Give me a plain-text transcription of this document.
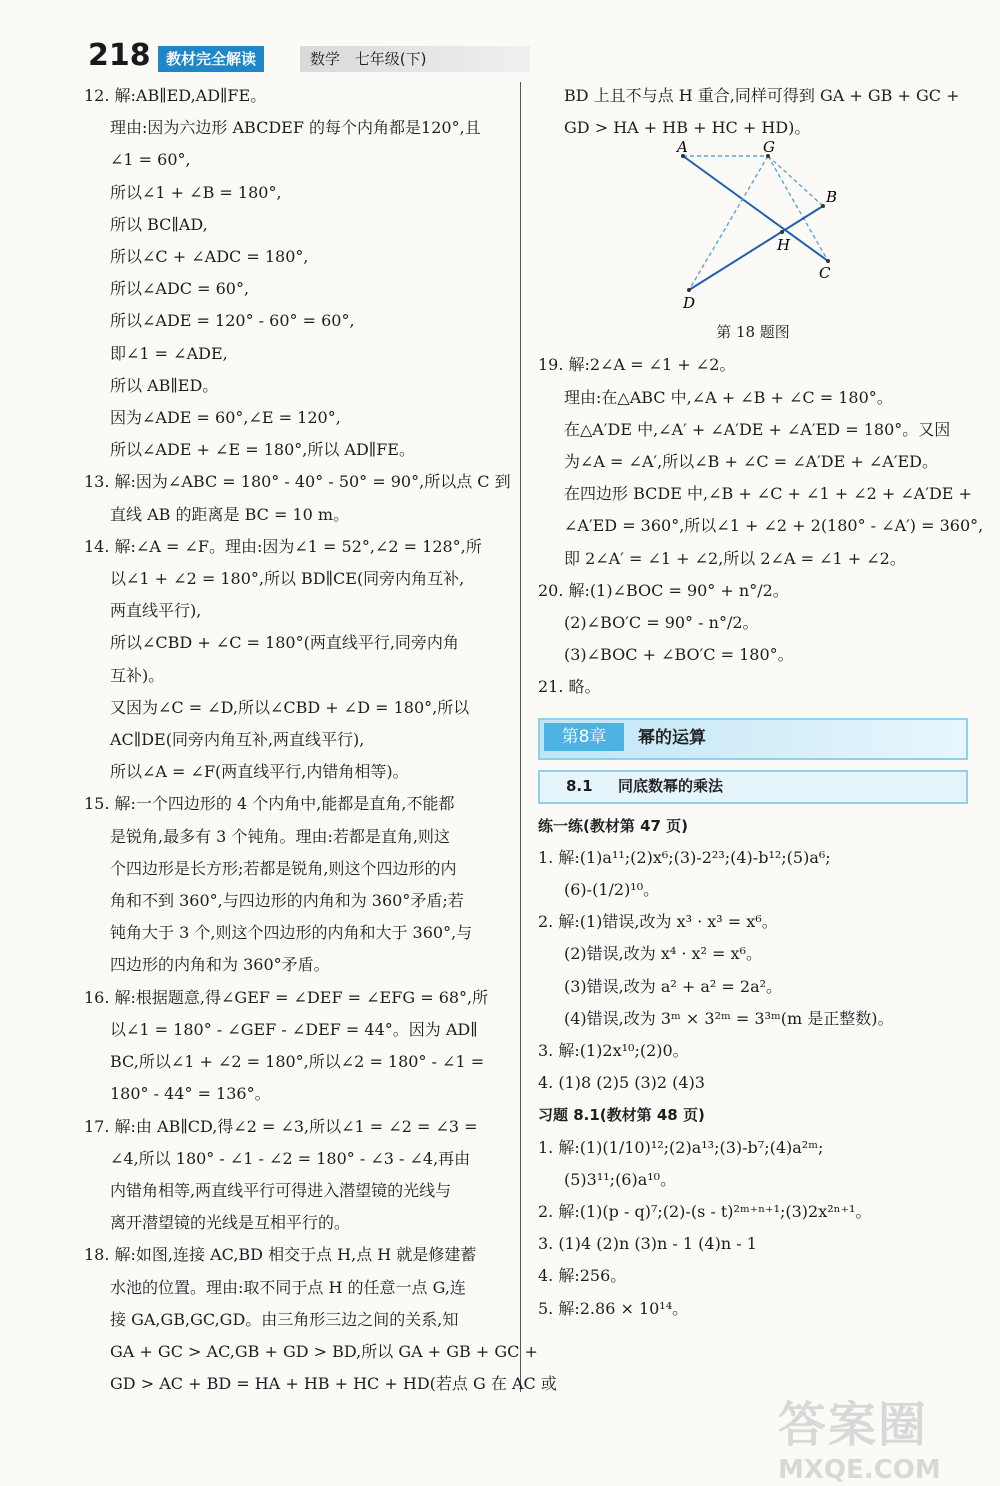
218	教材完全解读	数学 七年级(下)
12. 解:AB∥ED,AD∥FE。
理由:因为六边形 ABCDEF 的每个内角都是120°,且
∠1 = 60°,
所以∠1 + ∠B = 180°,
所以 BC∥AD,
所以∠C + ∠ADC = 180°,
所以∠ADC = 60°,
所以∠ADE = 120° - 60° = 60°,
即∠1 = ∠ADE,
所以 AB∥ED。
因为∠ADE = 60°,∠E = 120°,
所以∠ADE + ∠E = 180°,所以 AD∥FE。
13. 解:因为∠ABC = 180° - 40° - 50° = 90°,所以点 C 到
直线 AB 的距离是 BC = 10 m。
14. 解:∠A = ∠F。理由:因为∠1 = 52°,∠2 = 128°,所
以∠1 + ∠2 = 180°,所以 BD∥CE(同旁内角互补,
两直线平行),
所以∠CBD + ∠C = 180°(两直线平行,同旁内角
互补)。
又因为∠C = ∠D,所以∠CBD + ∠D = 180°,所以
AC∥DE(同旁内角互补,两直线平行),
所以∠A = ∠F(两直线平行,内错角相等)。
15. 解:一个四边形的 4 个内角中,能都是直角,不能都
是锐角,最多有 3 个钝角。理由:若都是直角,则这
个四边形是长方形;若都是锐角,则这个四边形的内
角和不到 360°,与四边形的内角和为 360°矛盾;若
钝角大于 3 个,则这个四边形的内角和大于 360°,与
四边形的内角和为 360°矛盾。
16. 解:根据题意,得∠GEF = ∠DEF = ∠EFG = 68°,所
以∠1 = 180° - ∠GEF - ∠DEF = 44°。因为 AD∥
BC,所以∠1 + ∠2 = 180°,所以∠2 = 180° - ∠1 =
180° - 44° = 136°。
17. 解:由 AB∥CD,得∠2 = ∠3,所以∠1 = ∠2 = ∠3 =
∠4,所以 180° - ∠1 - ∠2 = 180° - ∠3 - ∠4,再由
内错角相等,两直线平行可得进入潜望镜的光线与
离开潜望镜的光线是互相平行的。
18. 解:如图,连接 AC,BD 相交于点 H,点 H 就是修建蓄
水池的位置。理由:取不同于点 H 的任意一点 G,连
接 GA,GB,GC,GD。由三角形三边之间的关系,知
GA + GC > AC,GB + GD > BD,所以 GA + GB + GC +
GD > AC + BD = HA + HB + HC + HD(若点 G 在 AC 或
BD 上且不与点 H 重合,同样可得到 GA + GB + GC +
GD > HA + HB + HC + HD)。
A	G
B
H
C
D
第 18 题图
19. 解:2∠A = ∠1 + ∠2。
理由:在△ABC 中,∠A + ∠B + ∠C = 180°。
在△A′DE 中,∠A′ + ∠A′DE + ∠A′ED = 180°。又因
为∠A = ∠A′,所以∠B + ∠C = ∠A′DE + ∠A′ED。
在四边形 BCDE 中,∠B + ∠C + ∠1 + ∠2 + ∠A′DE +
∠A′ED = 360°,所以∠1 + ∠2 + 2(180° - ∠A′) = 360°,
即 2∠A′ = ∠1 + ∠2,所以 2∠A = ∠1 + ∠2。
20. 解:(1)∠BOC = 90° + n°/2。
(2)∠BO′C = 90° - n°/2。
(3)∠BOC + ∠BO′C = 180°。
21. 略。
第8章	幂的运算
8.1 同底数幂的乘法
练一练(教材第 47 页)
1. 解:(1)a¹¹;(2)x⁶;(3)-2²³;(4)-b¹²;(5)a⁶;
(6)-(1/2)¹⁰。
2. 解:(1)错误,改为 x³ · x³ = x⁶。
(2)错误,改为 x⁴ · x² = x⁶。
(3)错误,改为 a² + a² = 2a²。
(4)错误,改为 3ᵐ × 3²ᵐ = 3³ᵐ(m 是正整数)。
3. 解:(1)2x¹⁰;(2)0。
4. (1)8 (2)5 (3)2 (4)3
习题 8.1(教材第 48 页)
1. 解:(1)(1/10)¹²;(2)a¹³;(3)-b⁷;(4)a²ᵐ;
(5)3¹¹;(6)a¹⁰。
2. 解:(1)(p - q)⁷;(2)-(s - t)²ᵐ⁺ⁿ⁺¹;(3)2x²ⁿ⁺¹。
3. (1)4 (2)n (3)n - 1 (4)n - 1
4. 解:256。
5. 解:2.86 × 10¹⁴。
答案圈
MXQE.COM
